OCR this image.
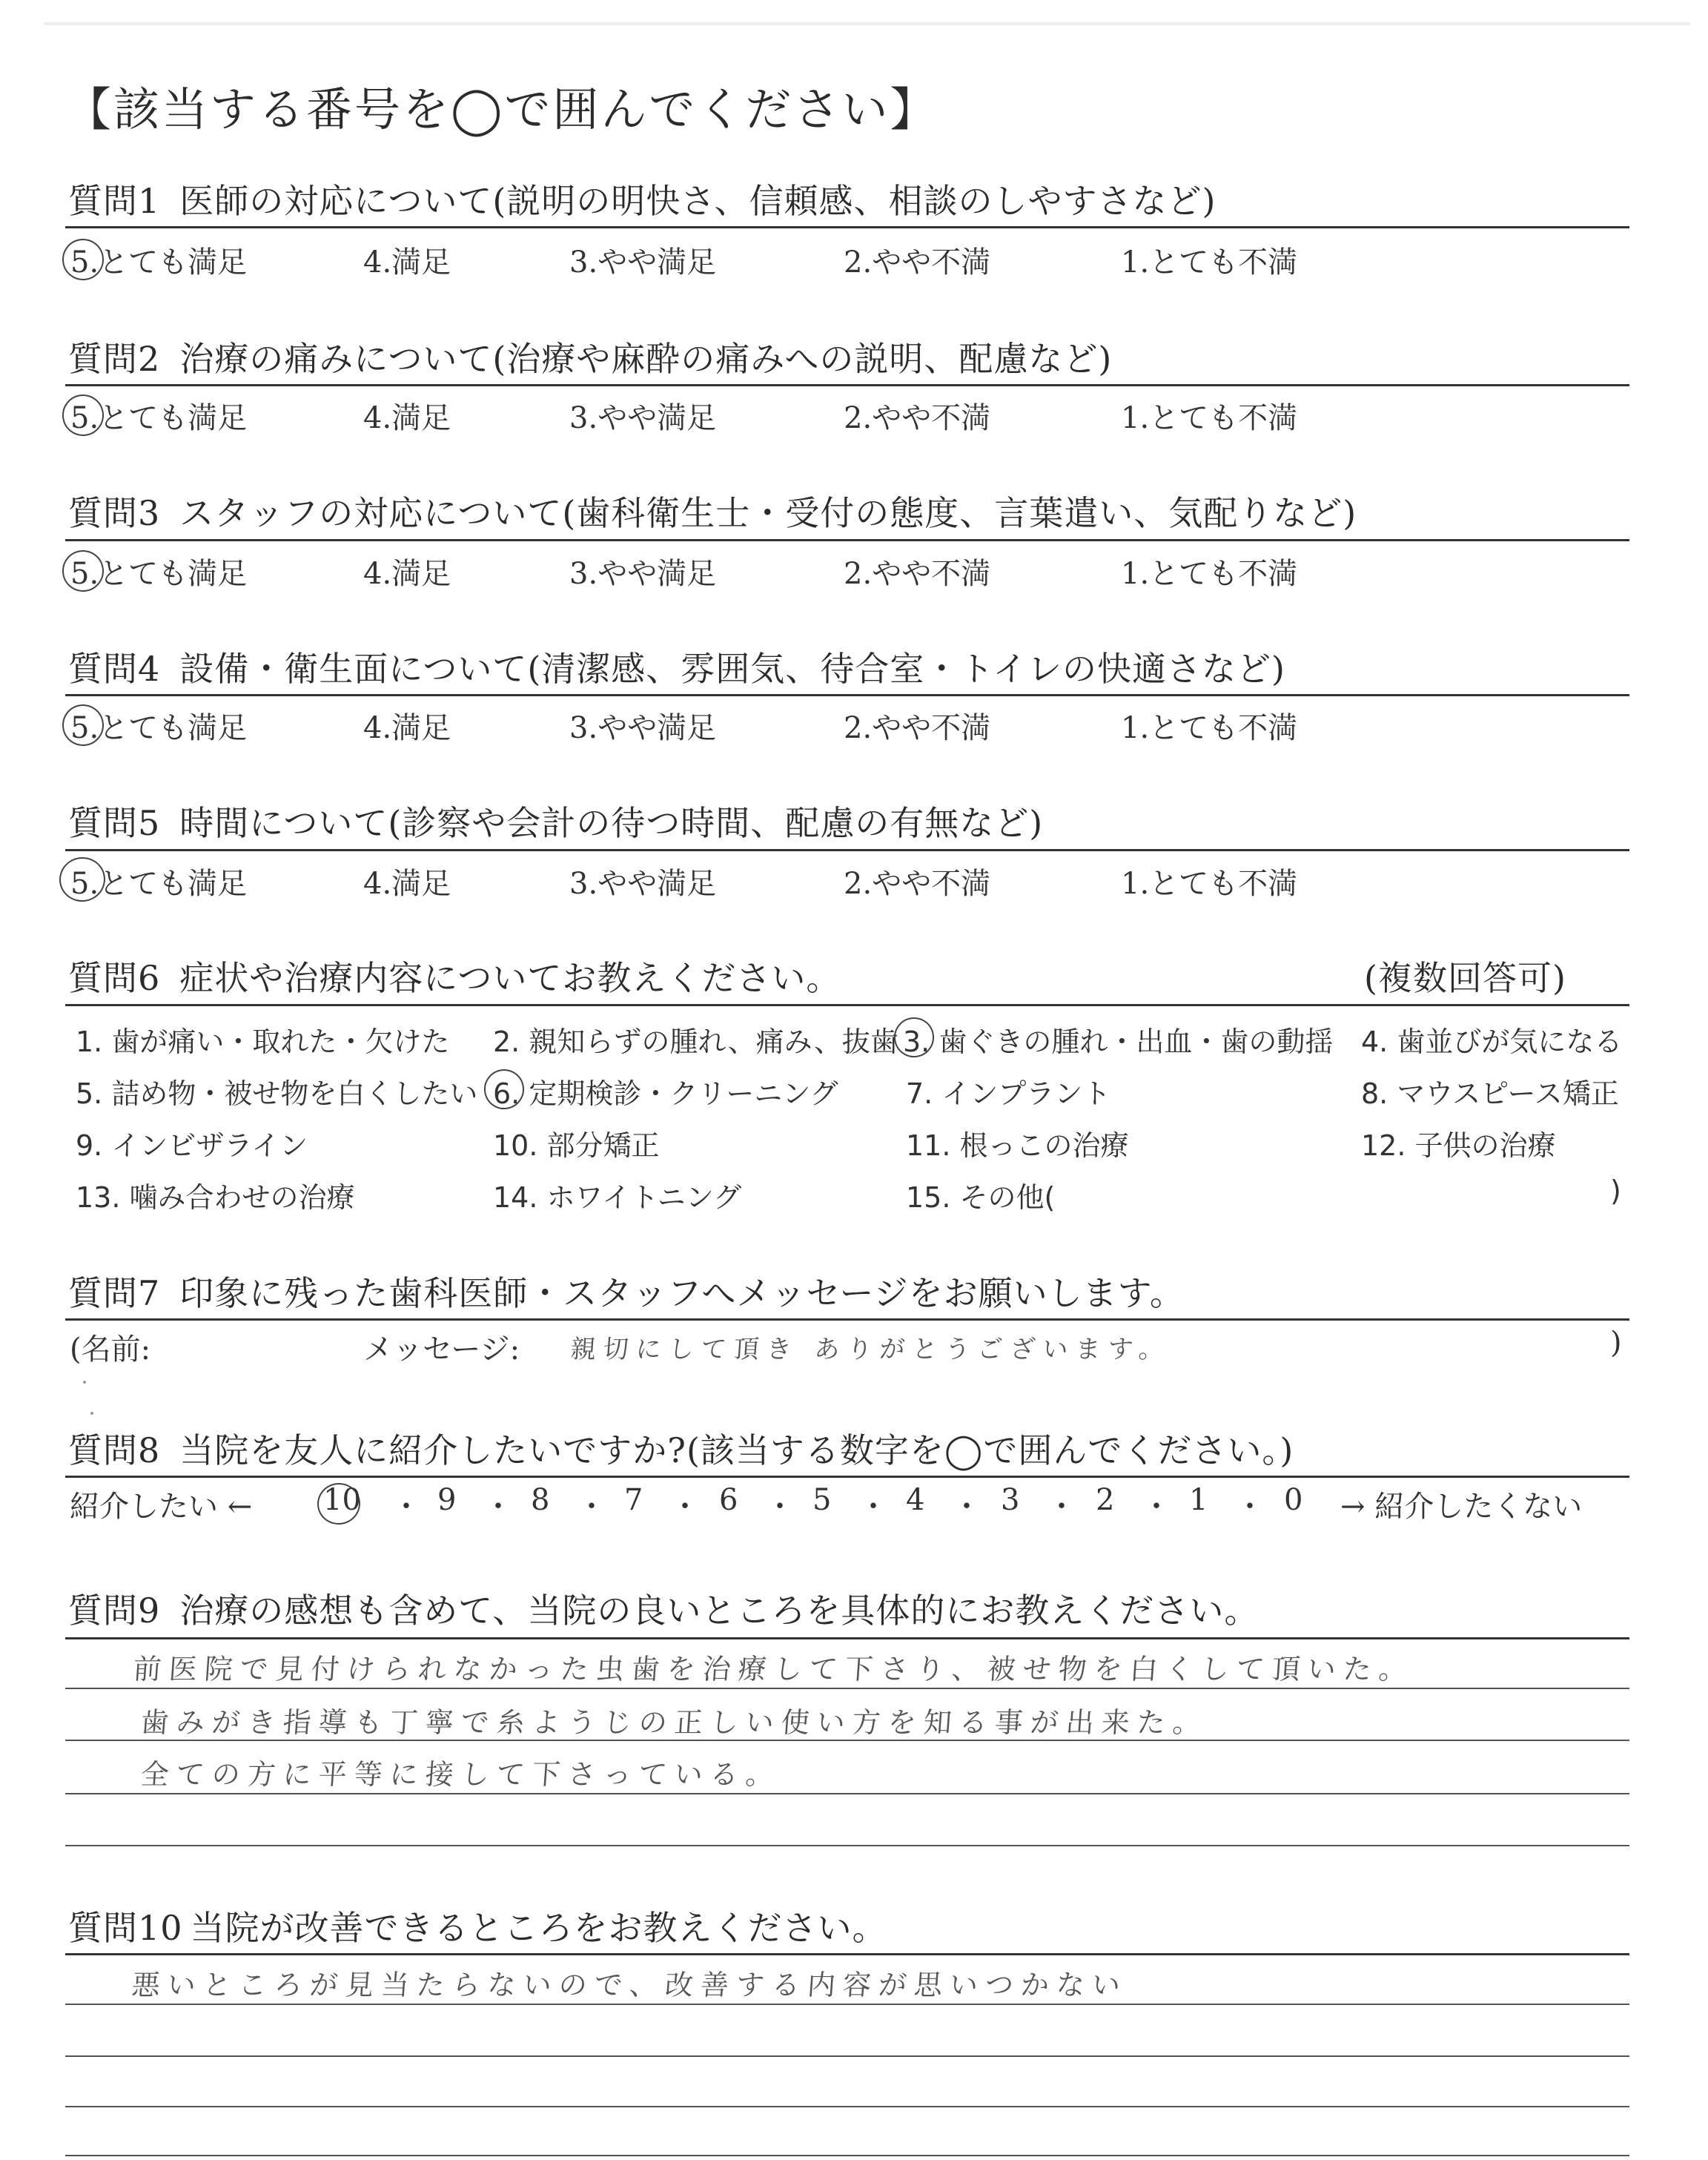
【該当する番号を◯で囲んでください】
質問1 医師の対応について(説明の明快さ、信頼感、相談のしやすさなど)
5.とても満足	4.満足	3.やや満足	2.やや不満	1.とても不満
質問2 治療の痛みについて(治療や麻酔の痛みへの説明、配慮など)
5.とても満足	4.満足	3.やや満足	2.やや不満	1.とても不満
質問3 スタッフの対応について(歯科衛生士・受付の態度、言葉遣い、気配りなど)
5.とても満足	4.満足	3.やや満足	2.やや不満	1.とても不満
質問4 設備・衛生面について(清潔感、雰囲気、待合室・トイレの快適さなど)
5.とても満足	4.満足	3.やや満足	2.やや不満	1.とても不満
質問5 時間について(診察や会計の待つ時間、配慮の有無など)
5.とても満足	4.満足	3.やや満足	2.やや不満	1.とても不満
質問6 症状や治療内容についてお教えください。	(複数回答可)
1. 歯が痛い・取れた・欠けた 2. 親知らずの腫れ、痛み、抜歯 3. 歯ぐきの腫れ・出血・歯の動揺 4. 歯並びが気になる
5. 詰め物・被せ物を白くしたい 6. 定期検診・クリーニング 7. インプラント	8. マウスピース矯正
9. インビザライン	10. 部分矯正	11. 根っこの治療	12. 子供の治療
13. 噛み合わせの治療	14. ホワイトニング	15. その他(	)
質問7 印象に残った歯科医師・スタッフへメッセージをお願いします。
(名前:	メッセージ: 親切にして頂き ありがとうございます。	)
質問8 当院を友人に紹介したいですか?(該当する数字を◯で囲んでください。)
紹介したい ← 10 ・ 9 ・ 8 ・ 7 ・ 6 ・ 5 ・ 4 ・ 3 ・ 2 ・ 1 ・ 0 → 紹介したくない
質問9 治療の感想も含めて、当院の良いところを具体的にお教えください。
前医院で見付けられなかった虫歯を治療して下さり、被せ物を白くして頂いた。
歯みがき指導も丁寧で糸ようじの正しい使い方を知る事が出来た。
全ての方に平等に接して下さっている。
質問10 当院が改善できるところをお教えください。
悪いところが見当たらないので、改善する内容が思いつかない
